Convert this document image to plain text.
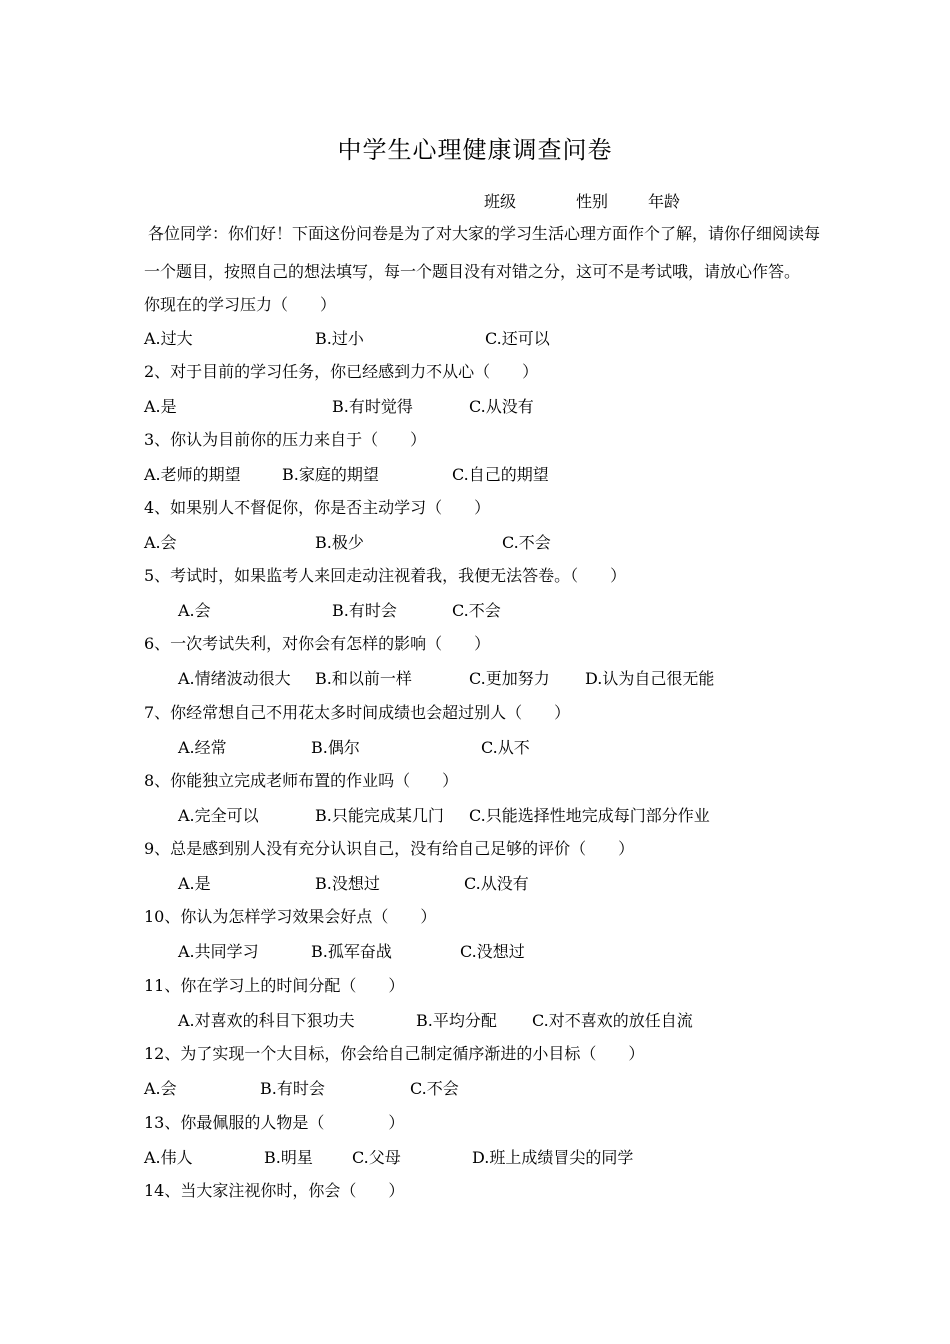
中学生心理健康调查问卷
班级	性别 年龄
各位同学：你们好！下面这份问卷是为了对大家的学习生活心理方面作个了解，请你仔细阅读每
一个题目，按照自己的想法填写，每一个题目没有对错之分，这可不是考试哦，请放心作答。
你现在的学习压力（　　）
A.过大	B.过小	C.还可以
2、对于目前的学习任务，你已经感到力不从心（　　）
A.是	B.有时觉得	C.从没有
3、你认为目前你的压力来自于（　　）
A.老师的期望	B.家庭的期望	C.自己的期望
4、如果别人不督促你，你是否主动学习（　　）
A.会	B.极少	C.不会
5、考试时，如果监考人来回走动注视着我，我便无法答卷。（　　）
A.会	B.有时会	C.不会
6、一次考试失利，对你会有怎样的影响（　　）
A.情绪波动很大 B.和以前一样	C.更加努力 D.认为自己很无能
7、你经常想自己不用花太多时间成绩也会超过别人（　　）
A.经常	B.偶尔	C.从不
8、你能独立完成老师布置的作业吗（　　）
A.完全可以	B.只能完成某几门 C.只能选择性地完成每门部分作业
9、总是感到别人没有充分认识自己，没有给自己足够的评价（　　）
A.是	B.没想过	C.从没有
10、你认为怎样学习效果会好点（　　）
A.共同学习	B.孤军奋战	C.没想过
11、你在学习上的时间分配（　　）
A.对喜欢的科目下狠功夫	B.平均分配 C.对不喜欢的放任自流
12、为了实现一个大目标，你会给自己制定循序渐进的小目标（　　）
A.会	B.有时会	C.不会
13、你最佩服的人物是（　　　　）
A.伟人	B.明星 C.父母	D.班上成绩冒尖的同学
14、当大家注视你时，你会（　　）
